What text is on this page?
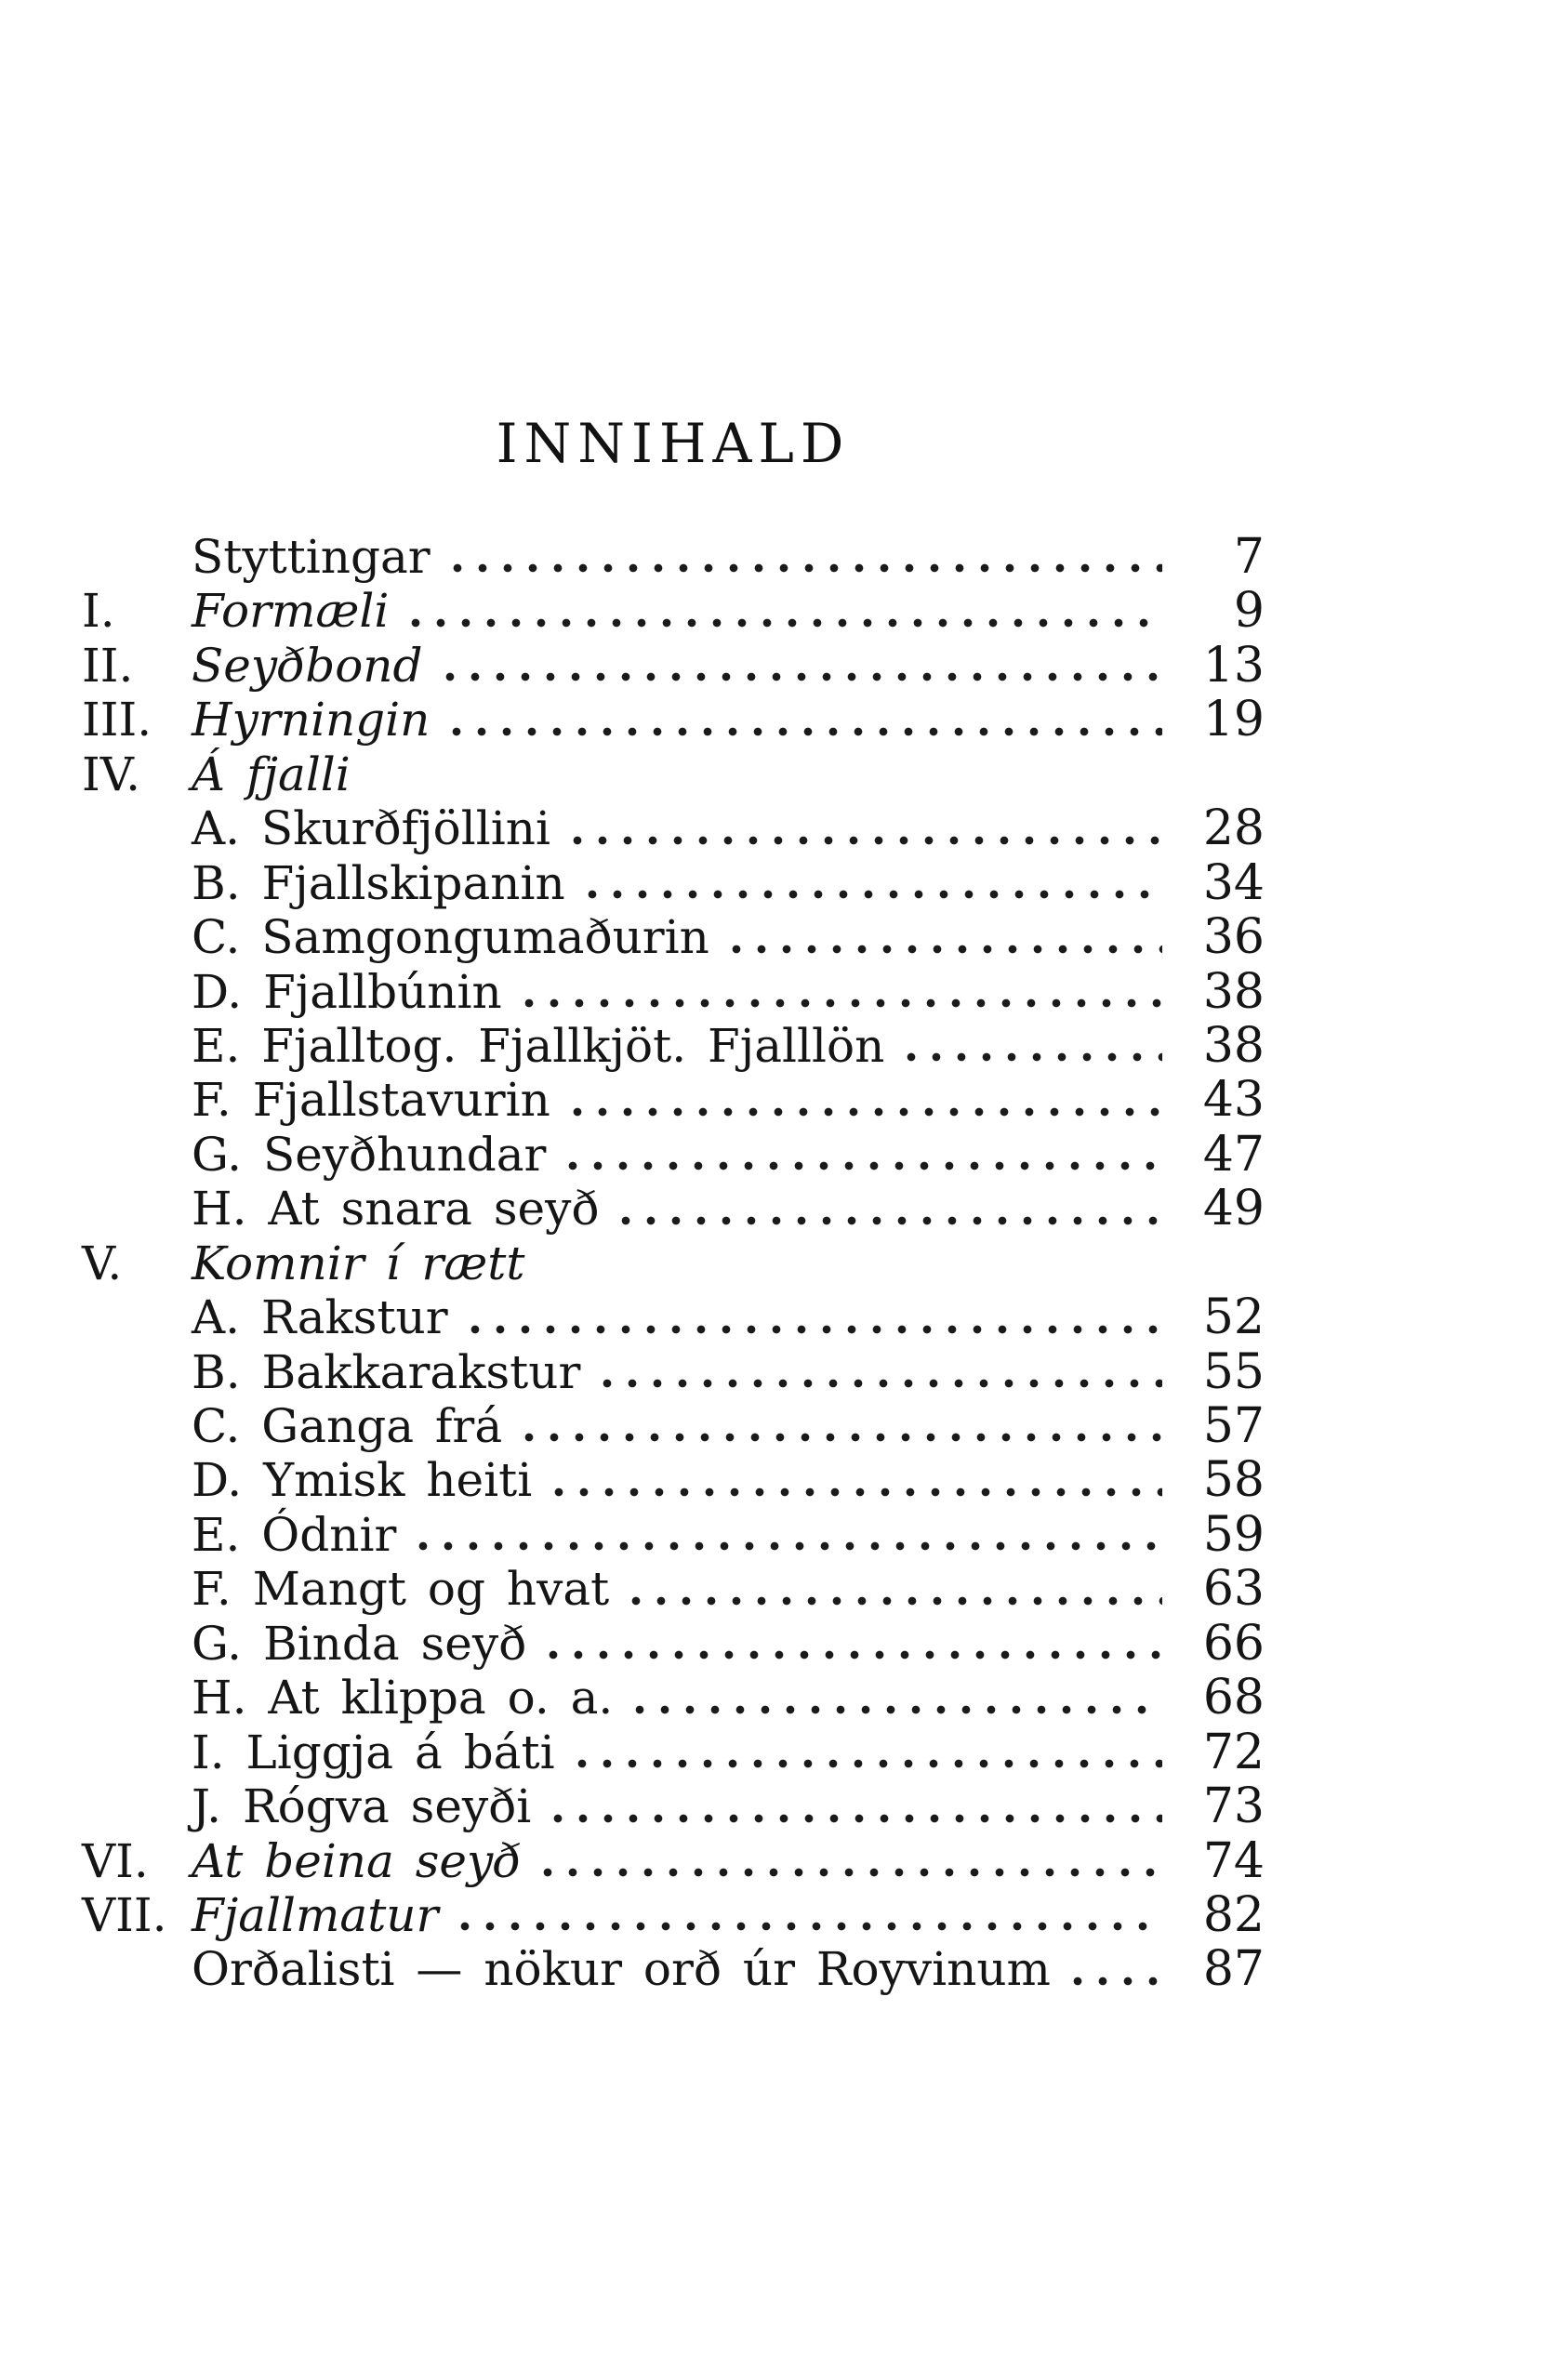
INNIHALD
Styttingar	7
I.	Formæli	9
II.	Seyðbond	13
III. Hyrningin	19
IV.	Á fjalli
A. Skurðfjöllini	28
B. Fjallskipanin	34
C. Samgongumaðurin	36
D. Fjallbúnin	38
E. Fjalltog. Fjallkjöt. Fjalllön	38
F. Fjallstavurin	43
G. Seyðhundar	47
H. At snara seyð	49
V.	Komnir í rætt
A. Rakstur	52
B. Bakkarakstur	55
C. Ganga frá	57
D. Ymisk heiti	58
E. Ódnir	59
F. Mangt og hvat	63
G. Binda seyð	66
H. At klippa o. a.	68
I. Liggja á báti	72
J. Rógva seyði	73
VI. At beina seyð	74
VII. Fjallmatur	82
Orðalisti — nökur orð úr Royvinum	87
